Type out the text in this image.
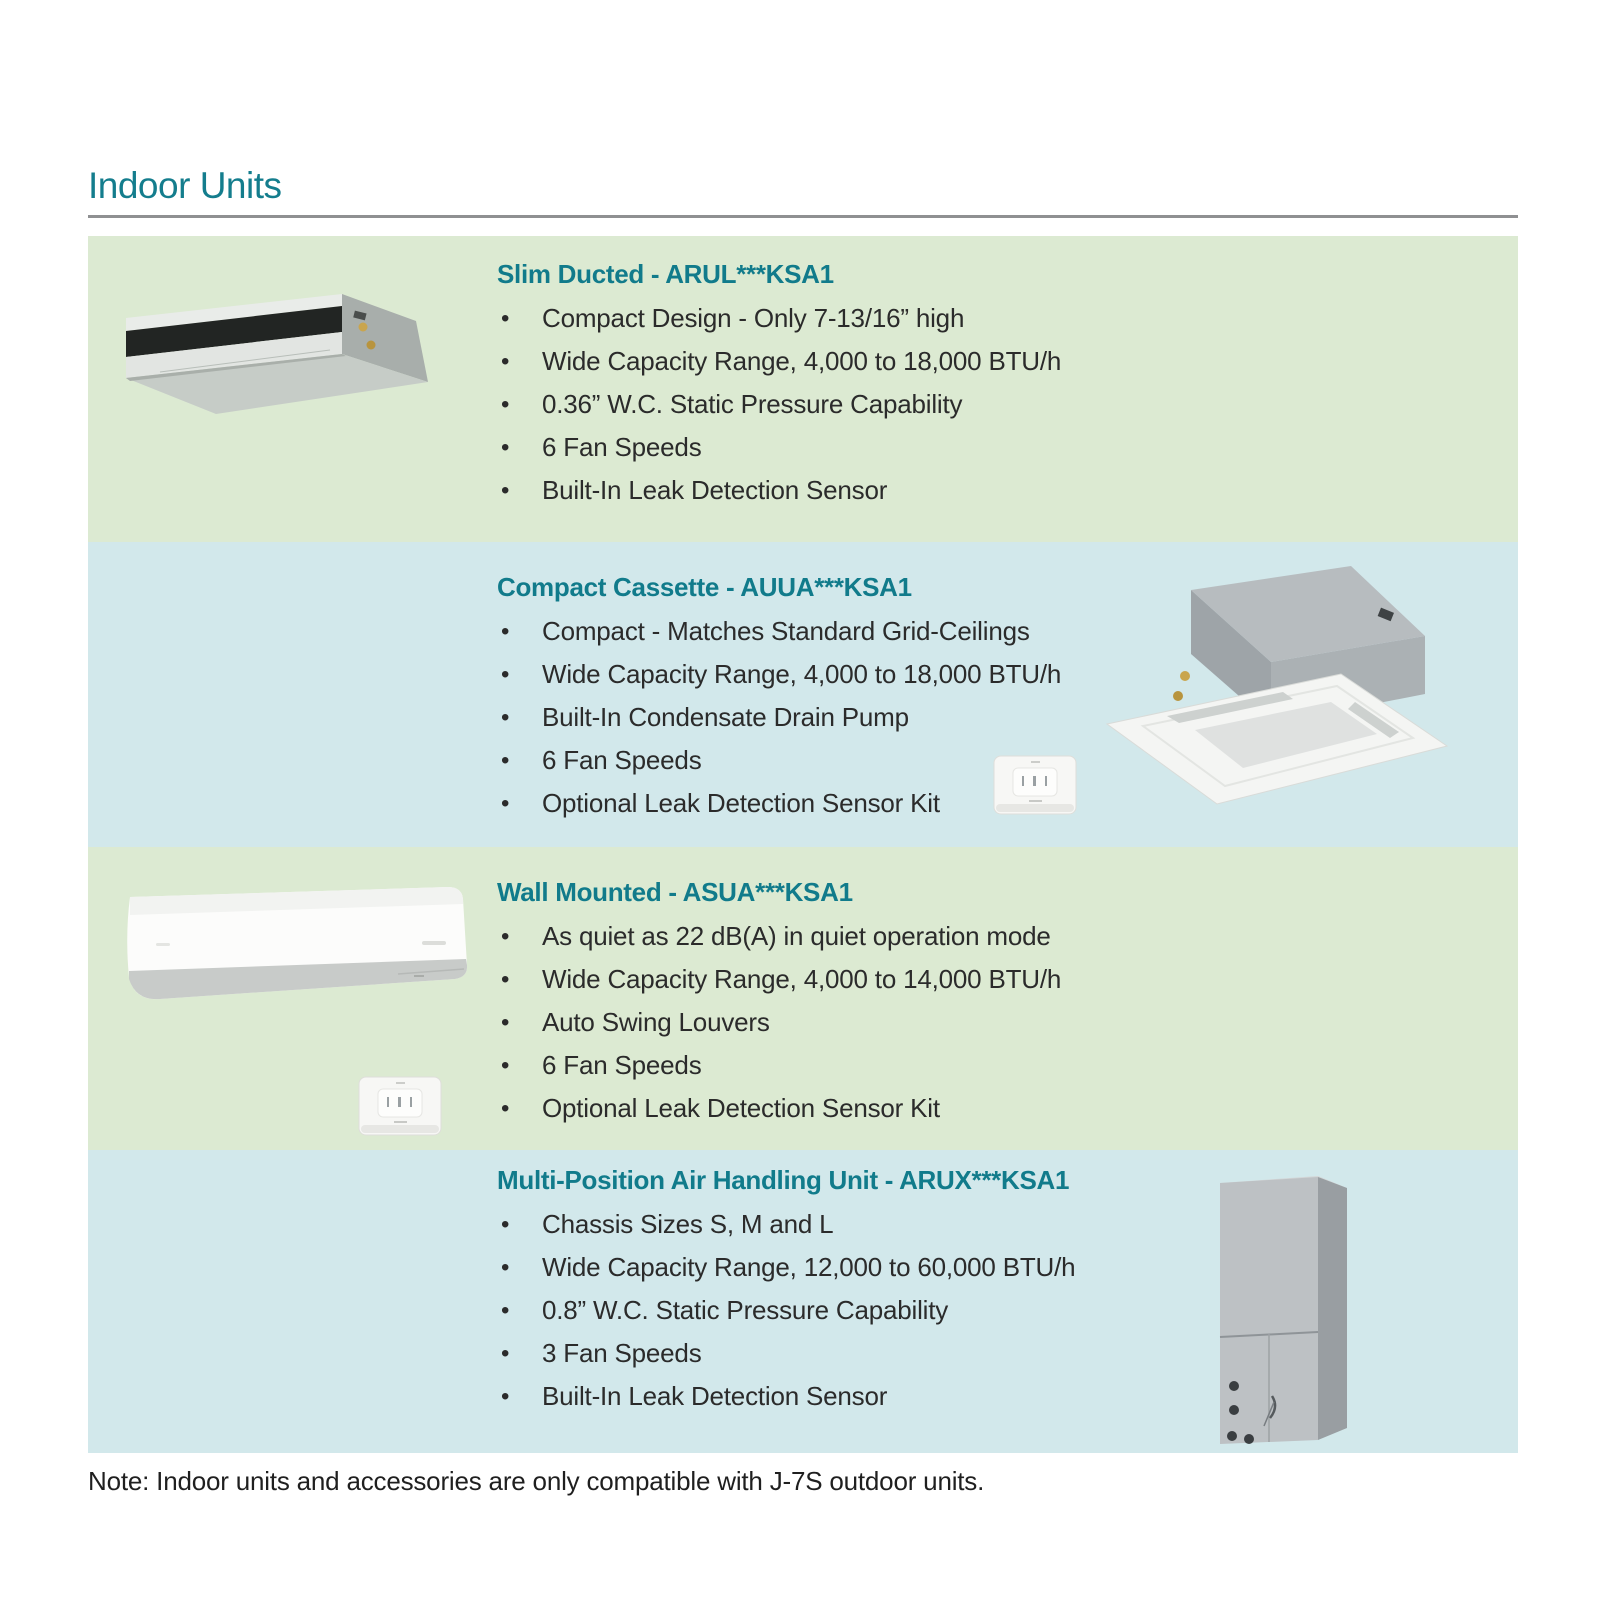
Indoor Units
Slim Ducted - ARUL***KSA1
•
Compact Design - Only 7-13/16” high
•
Wide Capacity Range, 4,000 to 18,000 BTU/h
•
0.36” W.C. Static Pressure Capability
•
6 Fan Speeds
•
Built-In Leak Detection Sensor
Compact Cassette - AUUA***KSA1
•
Compact - Matches Standard Grid-Ceilings
•
Wide Capacity Range, 4,000 to 18,000 BTU/h
•
Built-In Condensate Drain Pump
•
6 Fan Speeds
•
Optional Leak Detection Sensor Kit
Wall Mounted - ASUA***KSA1
•
As quiet as 22 dB(A) in quiet operation mode
•
Wide Capacity Range, 4,000 to 14,000 BTU/h
•
Auto Swing Louvers
•
6 Fan Speeds
•
Optional Leak Detection Sensor Kit
Multi-Position Air Handling Unit - ARUX***KSA1
•
Chassis Sizes S, M and L
•
Wide Capacity Range, 12,000 to 60,000 BTU/h
•
0.8” W.C. Static Pressure Capability
•
3 Fan Speeds
•
Built-In Leak Detection Sensor

Note: Indoor units and accessories are only compatible with J-7S outdoor units.
